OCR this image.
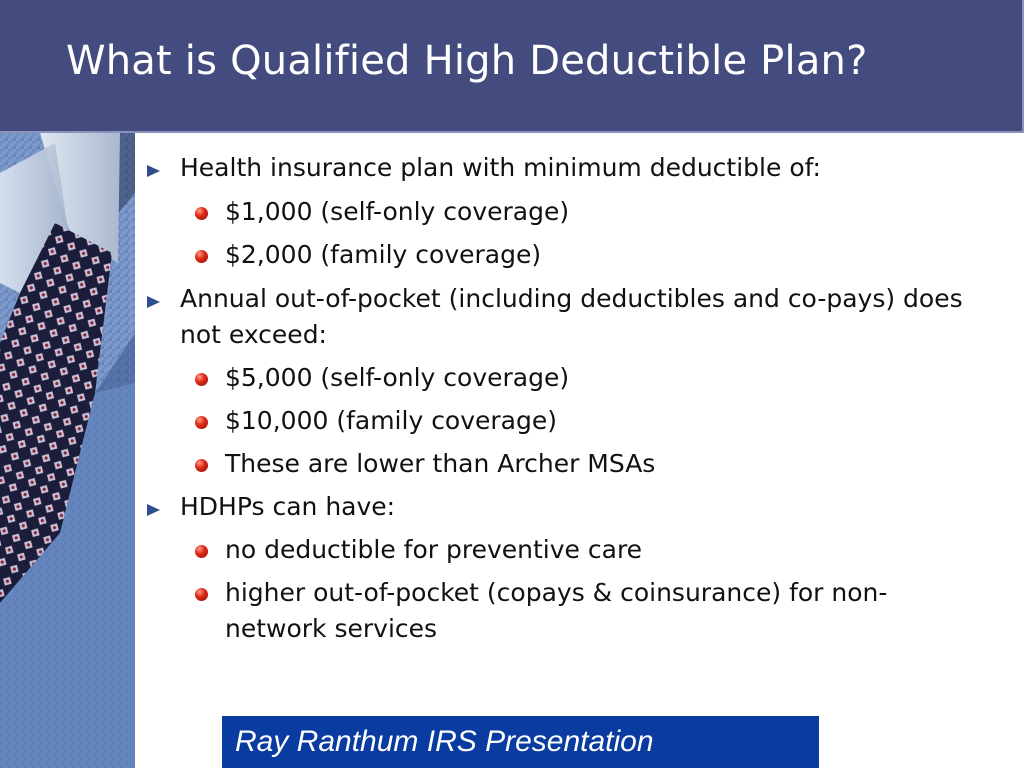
What is Qualified High Deductible Plan?
Health insurance plan with minimum deductible of:
$1,000 (self-only coverage)
$2,000 (family coverage)
Annual out-of-pocket (including deductibles and co-pays) does not exceed:
$5,000 (self-only coverage)
$10,000 (family coverage)
These are lower than Archer MSAs
HDHPs can have:
no deductible for preventive care
higher out-of-pocket (copays & coinsurance) for non-network services
Ray Ranthum IRS Presentation
